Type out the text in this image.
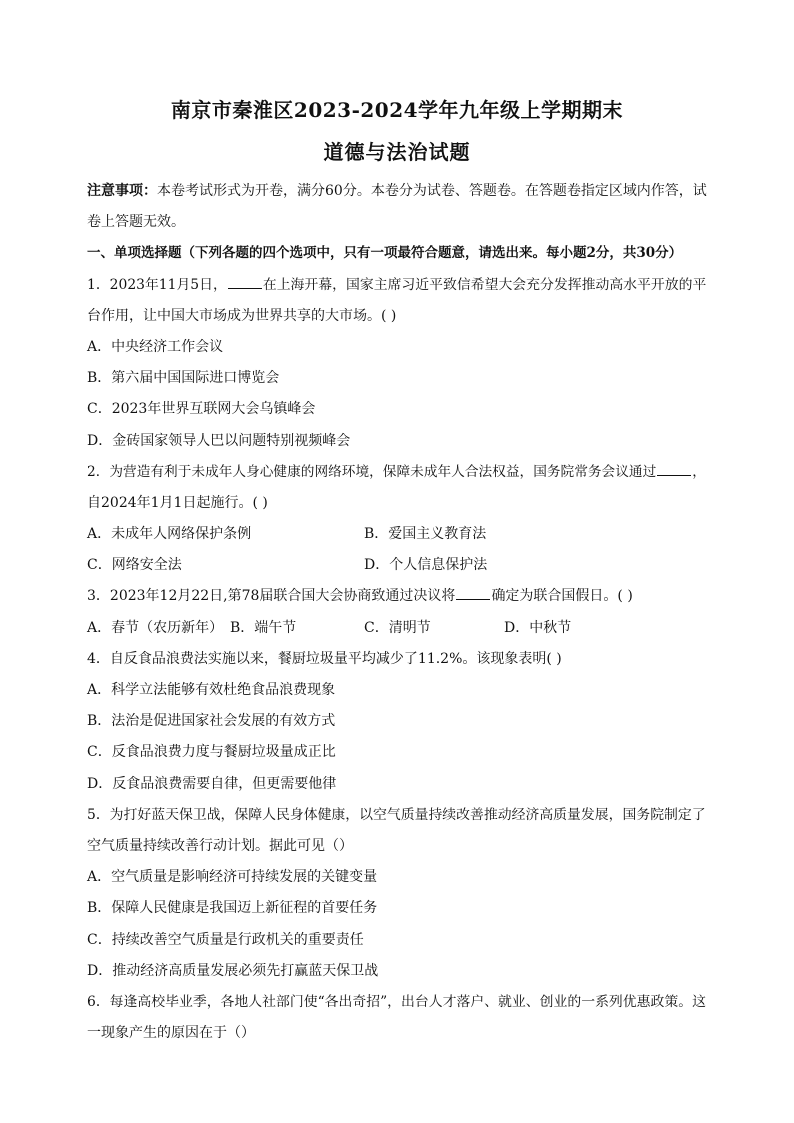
南京市秦淮区2023-2024学年九年级上学期期末
道德与法治试题
注意事项：本卷考试形式为开卷，满分60分。本卷分为试卷、答题卷。在答题卷指定区域内作答，试
卷上答题无效。
一、单项选择题（下列各题的四个选项中，只有一项最符合题意，请选出来。每小题2分，共30分）
1．2023年11月5日，	在上海开幕，国家主席习近平致信希望大会充分发挥推动高水平开放的平
台作用，让中国大市场成为世界共享的大市场。( )
A．中央经济工作会议
B．第六届中国国际进口博览会
C．2023年世界互联网大会乌镇峰会
D．金砖国家领导人巴以问题特别视频峰会
2．为营造有利于未成年人身心健康的网络环境，保障未成年人合法权益，国务院常务会议通过	，
自2024年1月1日起施行。( )
A．未成年人网络保护条例	B．爱国主义教育法
C．网络安全法	D．个人信息保护法
3．2023年12月22日,第78届联合国大会协商致通过决议将	确定为联合国假日。( )
A．春节（农历新年） B．端午节	C．清明节	D．中秋节
4．自反食品浪费法实施以来，餐厨垃圾量平均减少了11.2%。该现象表明( )
A．科学立法能够有效杜绝食品浪费现象
B．法治是促进国家社会发展的有效方式
C．反食品浪费力度与餐厨垃圾量成正比
D．反食品浪费需要自律，但更需要他律
5．为打好蓝天保卫战，保障人民身体健康，以空气质量持续改善推动经济高质量发展，国务院制定了
空气质量持续改善行动计划。据此可见（）
A．空气质量是影响经济可持续发展的关键变量
B．保障人民健康是我国迈上新征程的首要任务
C．持续改善空气质量是行政机关的重要责任
D．推动经济高质量发展必须先打赢蓝天保卫战
6．每逢高校毕业季，各地人社部门使“各出奇招”，出台人才落户、就业、创业的一系列优惠政策。这
一现象产生的原因在于（）
